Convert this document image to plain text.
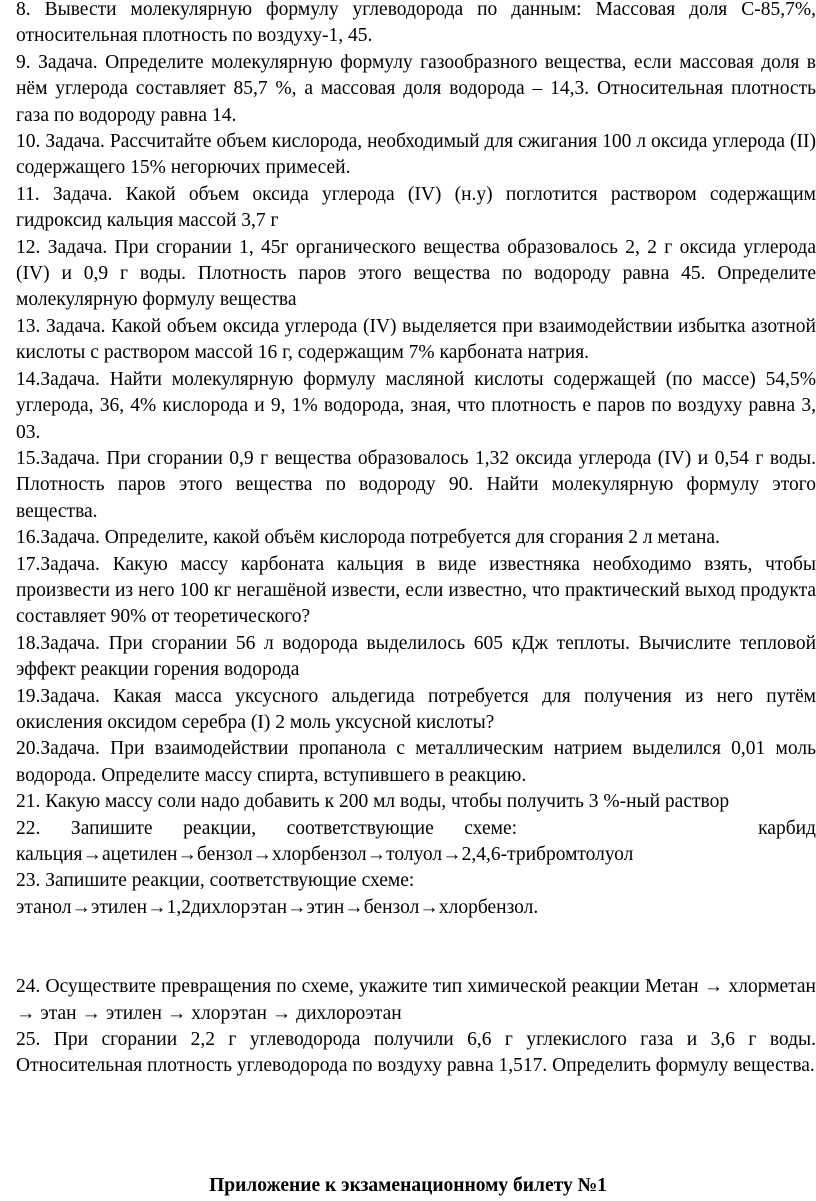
8. Вывести молекулярную формулу углеводорода по данным: Массовая доля С-85,7%, относительная плотность по воздуху-1, 45.

9. Задача. Определите молекулярную формулу газообразного вещества, если массовая доля в нём углерода составляет 85,7 %, а массовая доля водорода – 14,3. Относительная плотность газа по водороду равна 14.

10. Задача. Рассчитайте объем кислорода, необходимый для сжигания 100 л оксида углерода (II) содержащего 15% негорючих примесей.

11. Задача. Какой объем оксида углерода (IV) (н.у) поглотится раствором содержащим гидроксид кальция массой 3,7 г

12. Задача. При сгорании 1, 45г органического вещества образовалось 2, 2 г оксида углерода (IV) и 0,9 г воды. Плотность паров этого вещества по водороду равна 45. Определите молекулярную формулу вещества

13. Задача. Какой объем оксида углерода (IV) выделяется при взаимодействии избытка азотной кислоты с раствором массой 16 г, содержащим 7% карбоната натрия.

14.Задача. Найти молекулярную формулу масляной кислоты содержащей (по массе) 54,5% углерода, 36, 4% кислорода и 9, 1% водорода, зная, что плотность е паров по воздуху равна 3, 03.

15.Задача. При сгорании 0,9 г вещества образовалось 1,32 оксида углерода (IV) и 0,54 г воды. Плотность паров этого вещества по водороду 90. Найти молекулярную формулу этого вещества.

16.Задача. Определите, какой объём кислорода потребуется для сгорания 2 л метана.

17.Задача. Какую массу карбоната кальция в виде известняка необходимо взять, чтобы произвести из него 100 кг негашёной извести, если известно, что практический выход продукта составляет 90% от теоретического?

18.Задача. При сгорании 56 л водорода выделилось 605 кДж теплоты. Вычислите тепловой эффект реакции горения водорода

19.Задача. Какая масса уксусного альдегида потребуется для получения из него путём окисления оксидом серебра (I) 2 моль уксусной кислоты?

20.Задача. При взаимодействии пропанола с металлическим натрием выделился 0,01 моль водорода. Определите массу спирта, вступившего в реакцию.

21. Какую массу соли надо добавить к 200 мл воды, чтобы получить 3 %-ный раствор

22. Запишите реакции, соответствующие схеме:	карбид

кальция→ацетилен→бензол→хлорбензол→толуол→2,4,6-трибромтолуол

23. Запишите реакции, соответствующие схеме:

этанол→этилен→1,2дихлорэтан→этин→бензол→хлорбензол.

24. Осуществите превращения по схеме, укажите тип химической реакции Метан → хлорметан → этан → этилен → хлорэтан → дихлороэтан

25. При сгорании 2,2 г углеводорода получили 6,6 г углекислого газа и 3,6 г воды. Относительная плотность углеводорода по воздуху равна 1,517. Определить формулу вещества.

Приложение к экзаменационному билету №1
